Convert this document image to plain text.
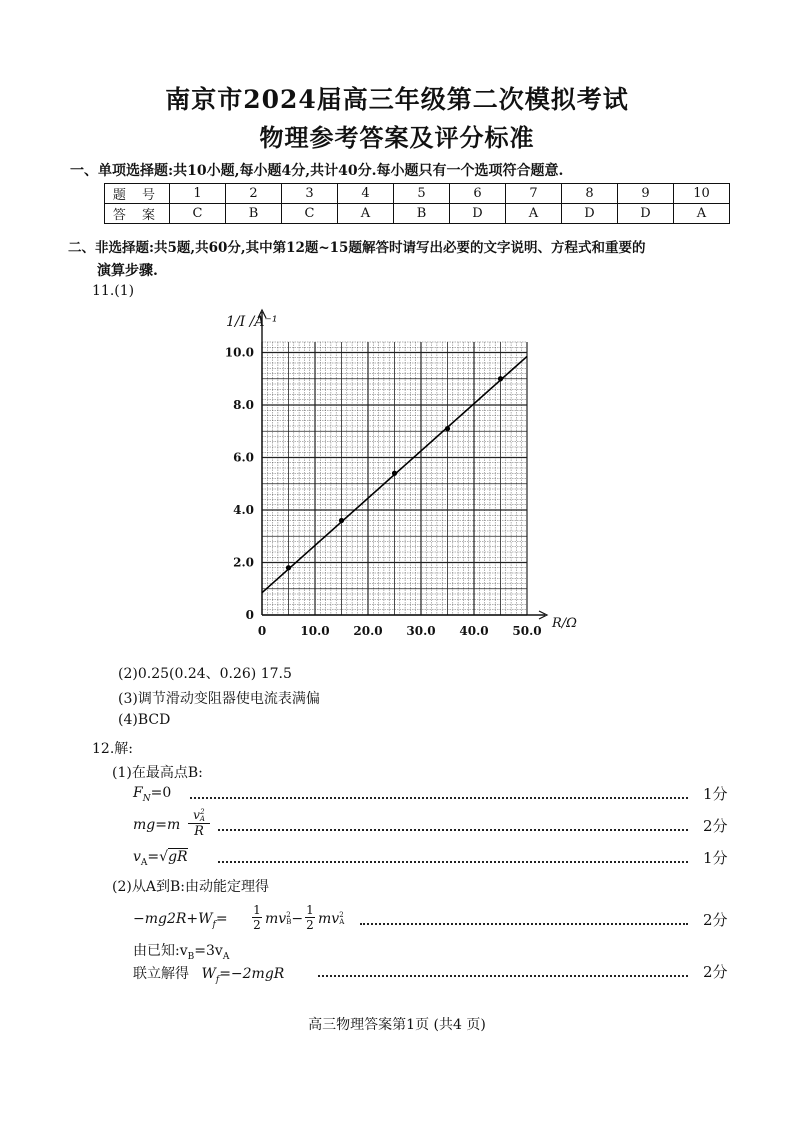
南京市2024届高三年级第二次模拟考试
物理参考答案及评分标准
一、单项选择题:共10小题,每小题4分,共计40分.每小题只有一个选项符合题意.
题 号	1	2	3	4	5	6	7	8	9	10
答 案	C	B	C	A	B	D	A	D	D	A
二、非选择题:共5题,共60分,其中第12题~15题解答时请写出必要的文字说明、方程式和重要的
演算步骤.
11.(1)
0	10.0 20.0 30.0 40.0 50.0
0
2.0
4.0
6.0
8.0
10.0
1/I /A⁻¹
R/Ω
(2)0.25(0.24、0.26) 17.5
(3)调节滑动变阻器使电流表满偏
(4)BCD
12.解:
(1)在最高点B:
$F_N=0$	1分
mg=m
v 2
A
R	2分
$v_A=√gR$	1分
(2)从A到B:由动能定理得
$-mg2R+W_f= \frac{1}{2}$ mv 2
$B - \frac{1}{2}$ mv 2
A	2分
由已知$:v_B=3v_A$
联立解得 $W_f=-2mgR$	2分
高三物理答案第1页 (共4 页)
